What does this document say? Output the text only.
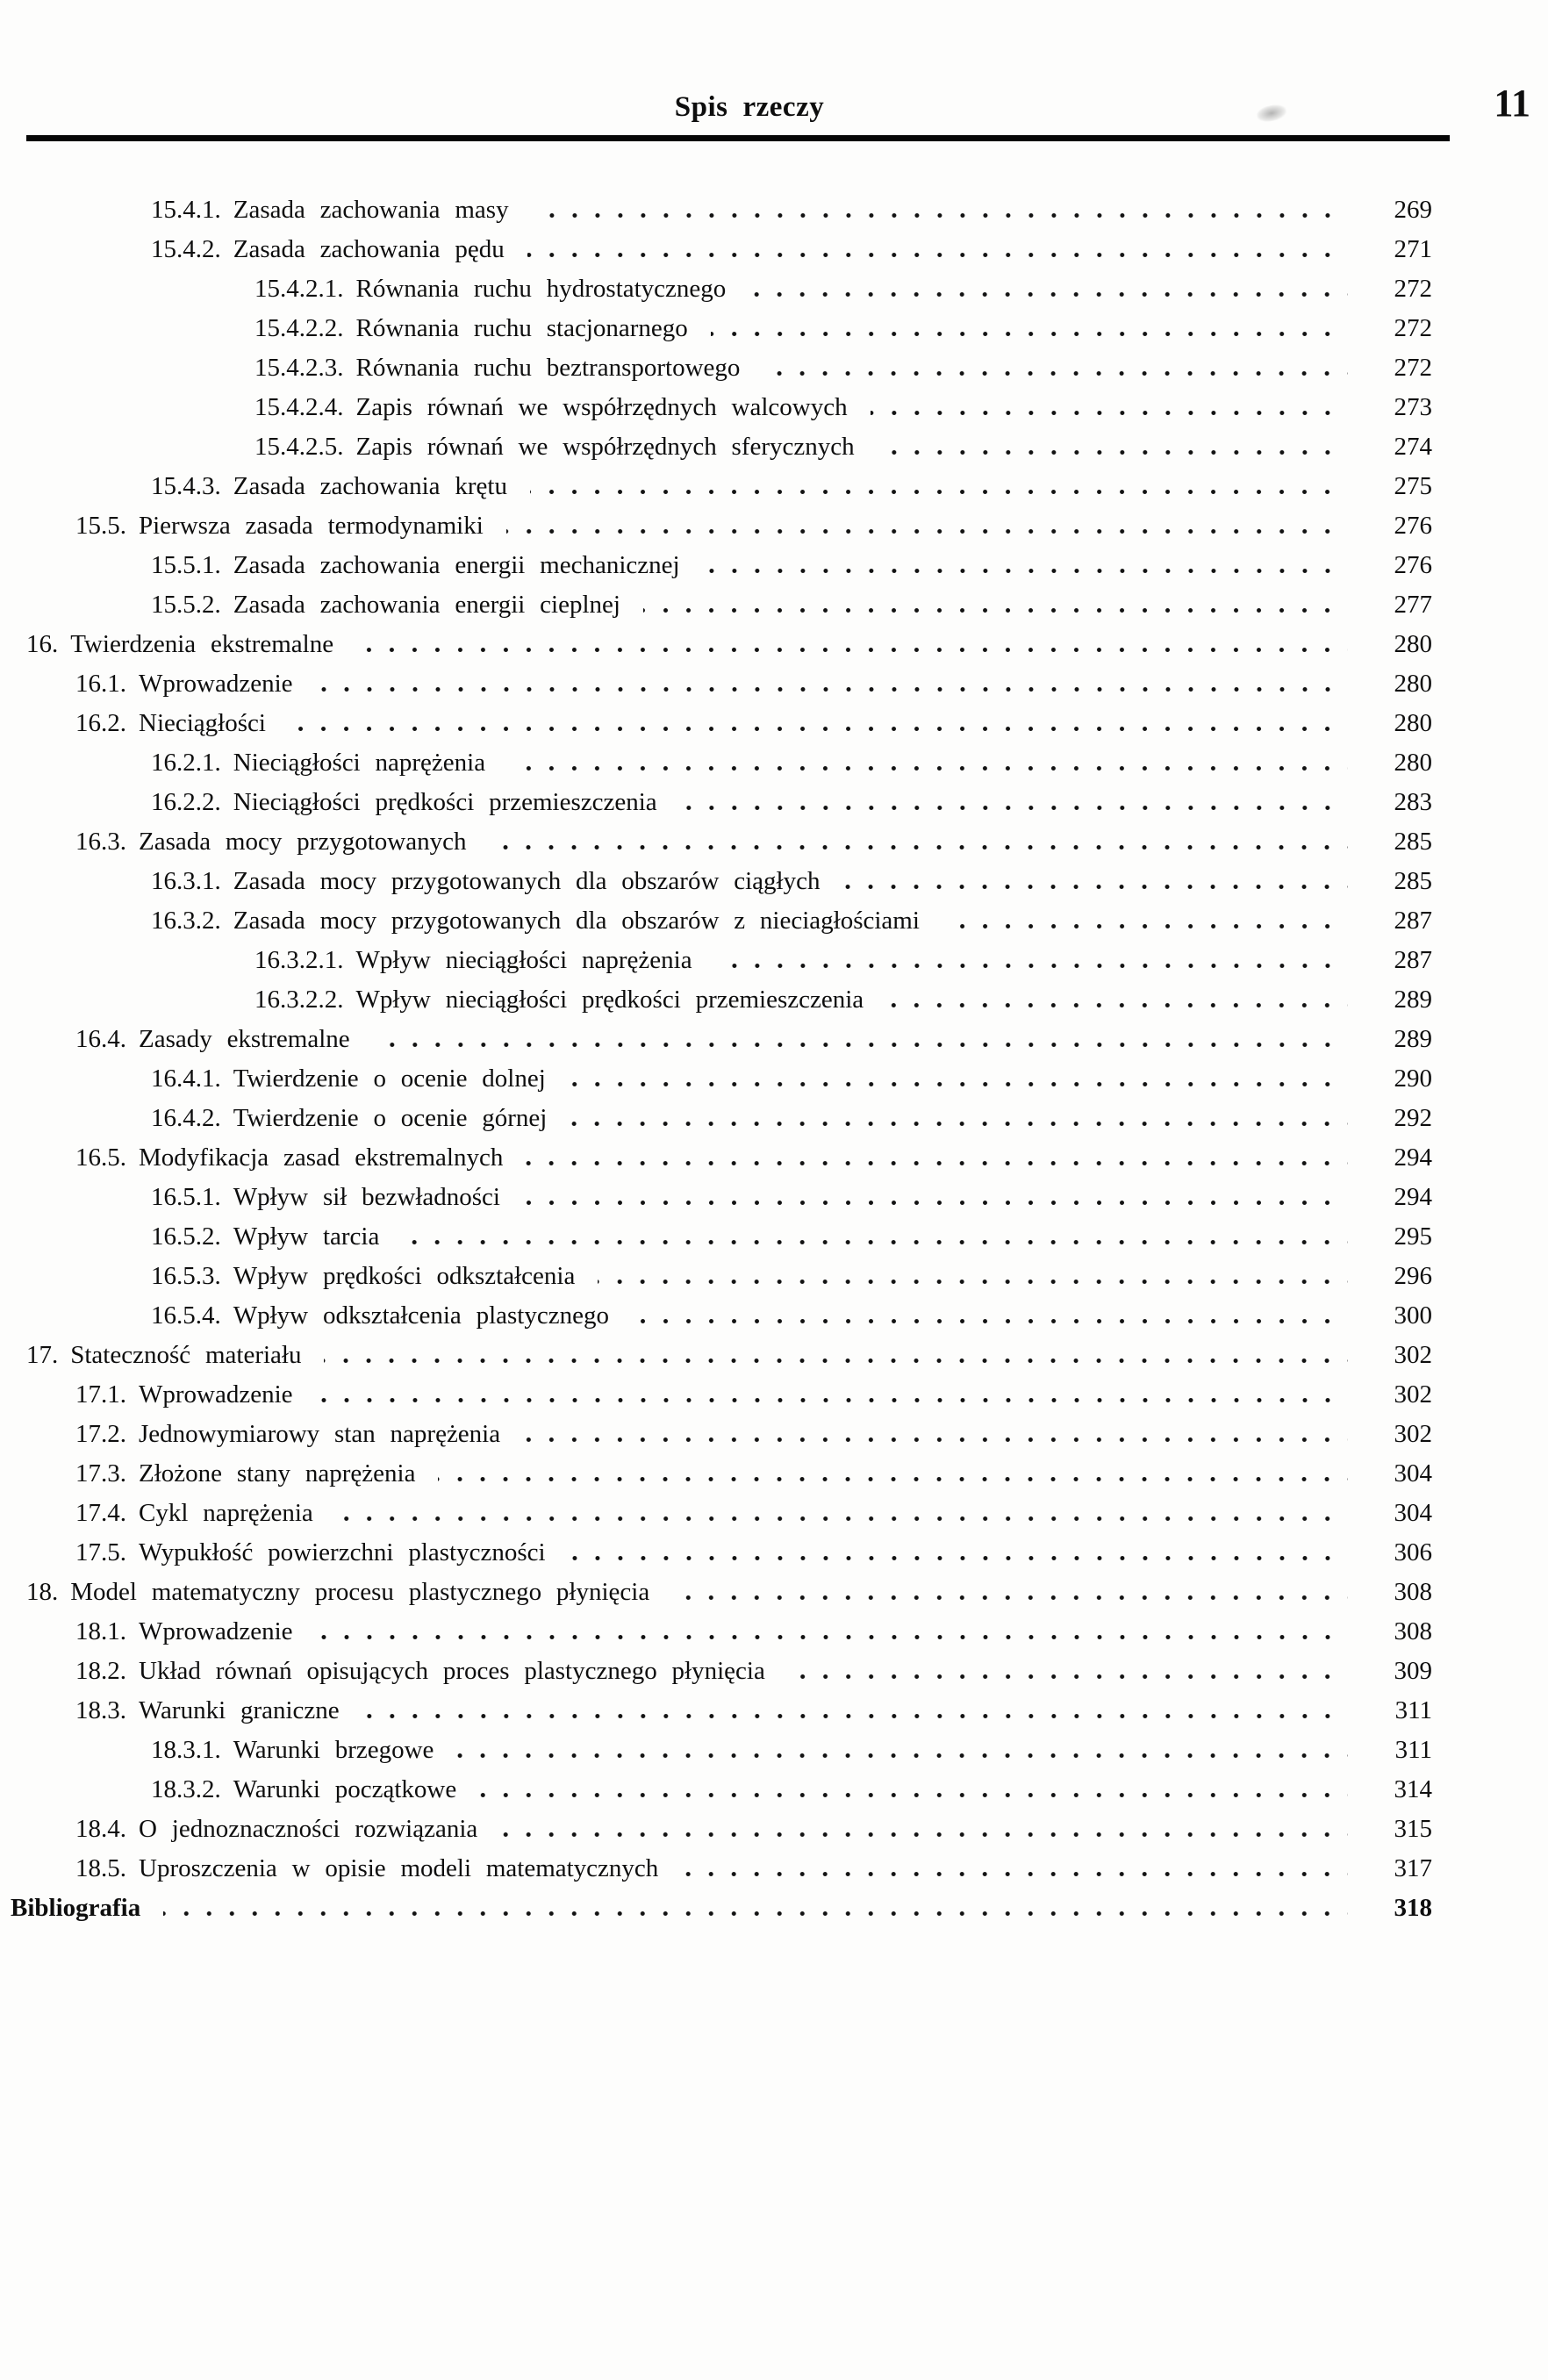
Spis rzeczy	11
15.4.1. Zasada zachowania masy	269
15.4.2. Zasada zachowania pędu	271
15.4.2.1. Równania ruchu hydrostatycznego	272
15.4.2.2. Równania ruchu stacjonarnego	272
15.4.2.3. Równania ruchu beztransportowego	272
15.4.2.4. Zapis równań we współrzędnych walcowych	273
15.4.2.5. Zapis równań we współrzędnych sferycznych	274
15.4.3. Zasada zachowania krętu	275
15.5. Pierwsza zasada termodynamiki	276
15.5.1. Zasada zachowania energii mechanicznej	276
15.5.2. Zasada zachowania energii cieplnej	277
16. Twierdzenia ekstremalne	280
16.1. Wprowadzenie	280
16.2. Nieciągłości	280
16.2.1. Nieciągłości naprężenia	280
16.2.2. Nieciągłości prędkości przemieszczenia	283
16.3. Zasada mocy przygotowanych	285
16.3.1. Zasada mocy przygotowanych dla obszarów ciągłych	285
16.3.2. Zasada mocy przygotowanych dla obszarów z nieciagłościami	287
16.3.2.1. Wpływ nieciągłości naprężenia	287
16.3.2.2. Wpływ nieciągłości prędkości przemieszczenia	289
16.4. Zasady ekstremalne	289
16.4.1. Twierdzenie o ocenie dolnej	290
16.4.2. Twierdzenie o ocenie górnej	292
16.5. Modyfikacja zasad ekstremalnych	294
16.5.1. Wpływ sił bezwładności	294
16.5.2. Wpływ tarcia	295
16.5.3. Wpływ prędkości odkształcenia	296
16.5.4. Wpływ odkształcenia plastycznego	300
17. Stateczność materiału	302
17.1. Wprowadzenie	302
17.2. Jednowymiarowy stan naprężenia	302
17.3. Złożone stany naprężenia	304
17.4. Cykl naprężenia	304
17.5. Wypukłość powierzchni plastyczności	306
18. Model matematyczny procesu plastycznego płynięcia	308
18.1. Wprowadzenie	308
18.2. Układ równań opisujących proces plastycznego płynięcia	309
18.3. Warunki graniczne	311
18.3.1. Warunki brzegowe	311
18.3.2. Warunki początkowe	314
18.4. O jednoznaczności rozwiązania	315
18.5. Uproszczenia w opisie modeli matematycznych	317
Bibliografia	318
